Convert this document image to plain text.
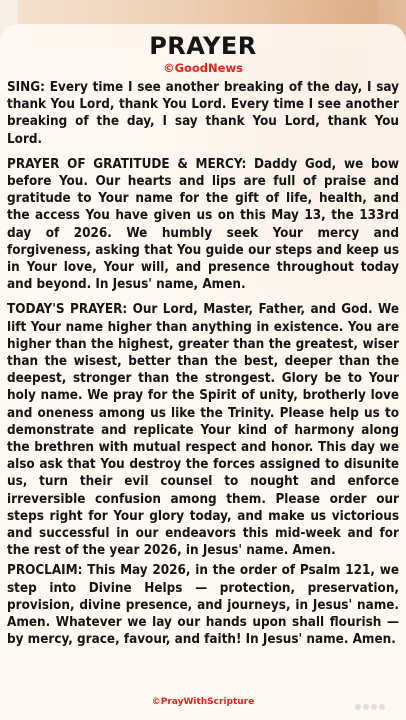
PRAYER
©GoodNews

SING: Every time I see another breaking of the day, I say thank You Lord, thank You Lord. Every time I see another breaking of the day, I say thank You Lord, thank You Lord.

PRAYER OF GRATITUDE & MERCY: Daddy God, we bow before You. Our hearts and lips are full of praise and gratitude to Your name for the gift of life, health, and the access You have given us on this May 13, the 133rd day of 2026. We humbly seek Your mercy and forgiveness, asking that You guide our steps and keep us in Your love, Your will, and presence throughout today and beyond. In Jesus' name, Amen.

TODAY'S PRAYER: Our Lord, Master, Father, and God. We lift Your name higher than anything in existence. You are higher than the highest, greater than the greatest, wiser than the wisest, better than the best, deeper than the deepest, stronger than the strongest. Glory be to Your holy name. We pray for the Spirit of unity, brotherly love and oneness among us like the Trinity. Please help us to demonstrate and replicate Your kind of harmony along the brethren with mutual respect and honor. This day we also ask that You destroy the forces assigned to disunite us, turn their evil counsel to nought and enforce irreversible confusion among them. Please order our steps right for Your glory today, and make us victorious and successful in our endeavors this mid-week and for the rest of the year 2026, in Jesus' name. Amen.

PROCLAIM: This May 2026, in the order of Psalm 121, we step into Divine Helps — protection, preservation, provision, divine presence, and journeys, in Jesus' name. Amen. Whatever we lay our hands upon shall flourish — by mercy, grace, favour, and faith! In Jesus' name. Amen.

©PrayWithScripture
